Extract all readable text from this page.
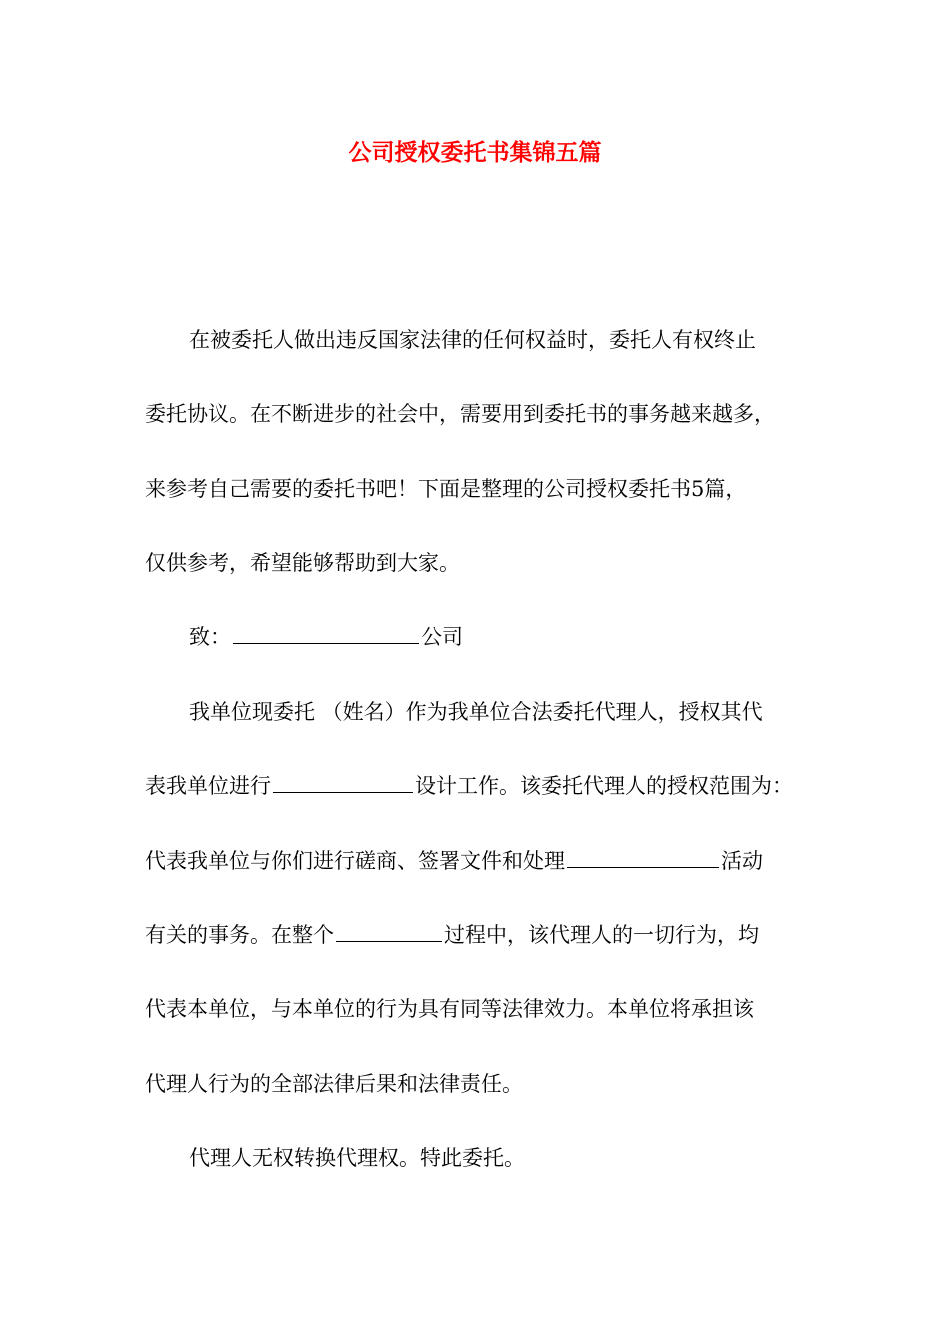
公司授权委托书集锦五篇
在被委托人做出违反国家法律的任何权益时，委托人有权终止
委托协议。在不断进步的社会中，需要用到委托书的事务越来越多，
来参考自己需要的委托书吧！下面是整理的公司授权委托书5篇，
仅供参考，希望能够帮助到大家。
致：	公司
我单位现委托 （姓名）作为我单位合法委托代理人，授权其代
表我单位进行	设计工作。该委托代理人的授权范围为：
代表我单位与你们进行磋商、签署文件和处理	活动
有关的事务。在整个	过程中，该代理人的一切行为，均
代表本单位，与本单位的行为具有同等法律效力。本单位将承担该
代理人行为的全部法律后果和法律责任。
代理人无权转换代理权。特此委托。
